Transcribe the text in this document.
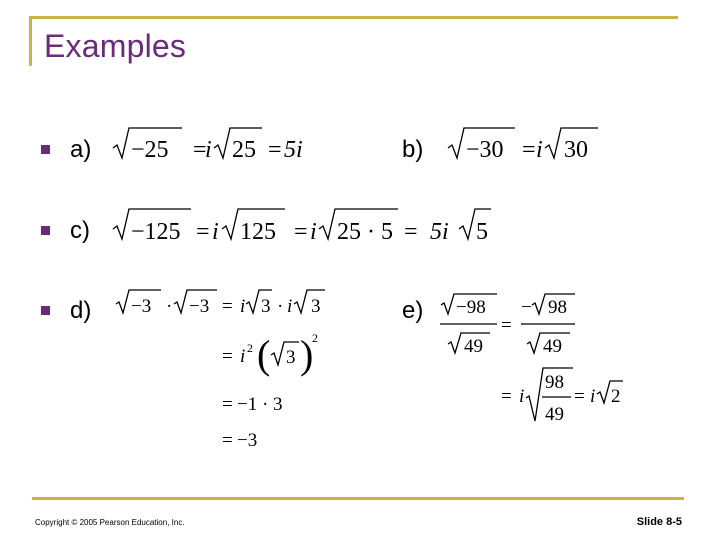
Examples
a)	b)
c)
d)	e)
−25 =
i 25 = 5i	−30 = i 30
−125 = i 125 = i 25 · 5 = 5i 5
−3 · −3 = i 3 · i 3
= i 2 ( 3 )
2
= −1 · 3
= −3
−98
49
=
− 98
49
= i
98
49
= i 2
Copyright © 2005 Pearson Education, Inc.	Slide 8-5
